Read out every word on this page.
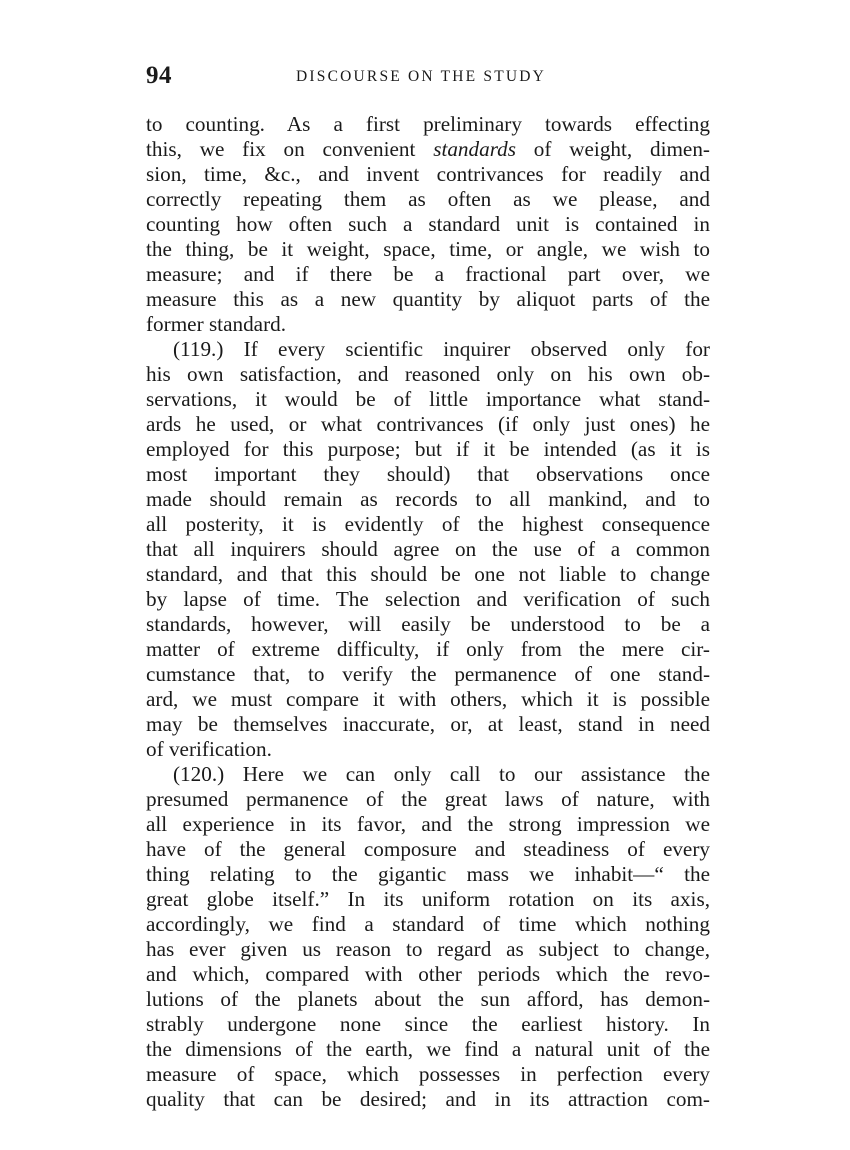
94	DISCOURSE ON THE STUDY
to counting. As a first preliminary towards effecting
this, we fix on convenient standards of weight, dimen-
sion, time, &c., and invent contrivances for readily and
correctly repeating them as often as we please, and
counting how often such a standard unit is contained in
the thing, be it weight, space, time, or angle, we wish to
measure; and if there be a fractional part over, we
measure this as a new quantity by aliquot parts of the
former standard.
(119.) If every scientific inquirer observed only for
his own satisfaction, and reasoned only on his own ob-
servations, it would be of little importance what stand-
ards he used, or what contrivances (if only just ones) he
employed for this purpose; but if it be intended (as it is
most important they should) that observations once
made should remain as records to all mankind, and to
all posterity, it is evidently of the highest consequence
that all inquirers should agree on the use of a common
standard, and that this should be one not liable to change
by lapse of time. The selection and verification of such
standards, however, will easily be understood to be a
matter of extreme difficulty, if only from the mere cir-
cumstance that, to verify the permanence of one stand-
ard, we must compare it with others, which it is possible
may be themselves inaccurate, or, at least, stand in need
of verification.
(120.) Here we can only call to our assistance the
presumed permanence of the great laws of nature, with
all experience in its favor, and the strong impression we
have of the general composure and steadiness of every
thing relating to the gigantic mass we inhabit—“ the
great globe itself.” In its uniform rotation on its axis,
accordingly, we find a standard of time which nothing
has ever given us reason to regard as subject to change,
and which, compared with other periods which the revo-
lutions of the planets about the sun afford, has demon-
strably undergone none since the earliest history. In
the dimensions of the earth, we find a natural unit of the
measure of space, which possesses in perfection every
quality that can be desired; and in its attraction com-
